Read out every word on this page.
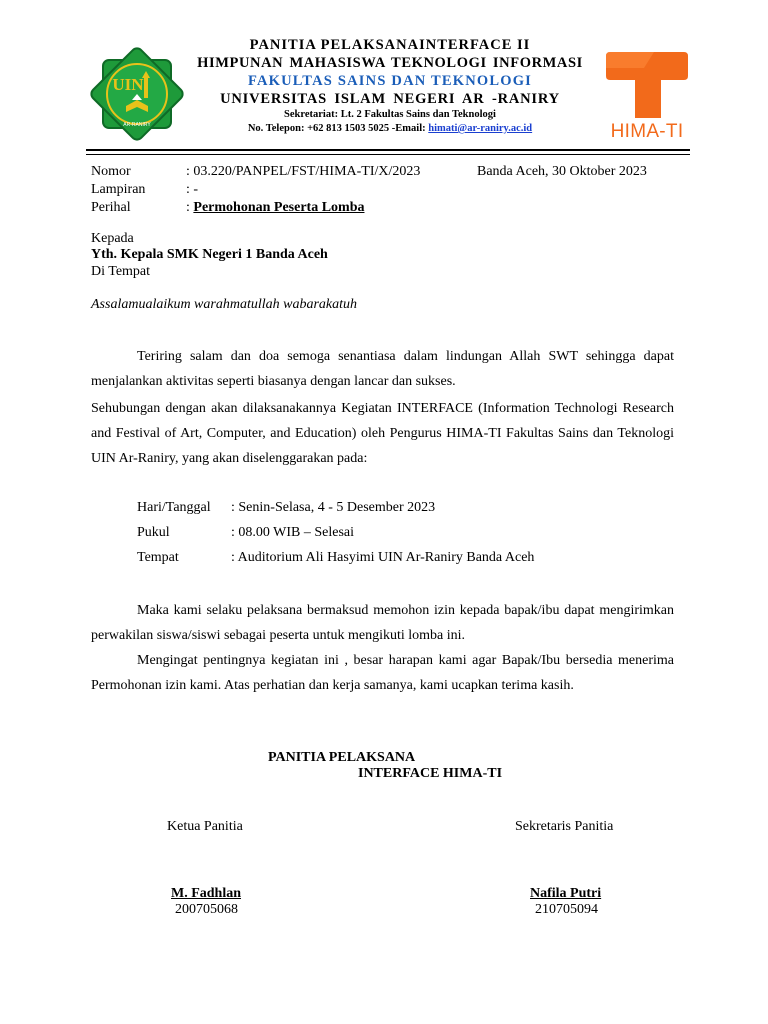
UIN
AR-RANIRY
PANITIA PELAKSANAINTERFACE II
HIMPUNAN MAHASISWA TEKNOLOGI INFORMASI
FAKULTAS SAINS DAN TEKNOLOGI
UNIVERSITAS ISLAM NEGERI AR -RANIRY
Sekretariat: Lt. 2 Fakultas Sains dan Teknologi
No. Telepon: +62 813 1503 5025 -Email: himati@ar-raniry.ac.id	HIMA-TI
Nomor	: 03.220/PANPEL/FST/HIMA-TI/X/2023	Banda Aceh, 30 Oktober 2023
Lampiran	: -
Perihal	: Permohonan Peserta Lomba
Kepada
Yth. Kepala SMK Negeri 1 Banda Aceh
Di Tempat
Assalamualaikum warahmatullah wabarakatuh
Teriring salam dan doa semoga senantiasa dalam lindungan Allah SWT sehingga dapat menjalankan aktivitas seperti biasanya dengan lancar dan sukses.
Sehubungan dengan akan dilaksanakannya Kegiatan INTERFACE (Information Technologi Research and Festival of Art, Computer, and Education) oleh Pengurus HIMA-TI Fakultas Sains dan Teknologi UIN Ar-Raniry, yang akan diselenggarakan pada:
Hari/Tanggal : Senin-Selasa, 4 - 5 Desember 2023
Pukul	: 08.00 WIB – Selesai
Tempat	: Auditorium Ali Hasyimi UIN Ar-Raniry Banda Aceh
Maka kami selaku pelaksana bermaksud memohon izin kepada bapak/ibu dapat mengirimkan perwakilan siswa/siswi sebagai peserta untuk mengikuti lomba ini.
Mengingat pentingnya kegiatan ini , besar harapan kami agar Bapak/Ibu bersedia menerima Permohonan izin kami. Atas perhatian dan kerja samanya, kami ucapkan terima kasih.
PANITIA PELAKSANA
INTERFACE HIMA-TI
Ketua Panitia	Sekretaris Panitia
M. Fadhlan
200705068
Nafila Putri
210705094
